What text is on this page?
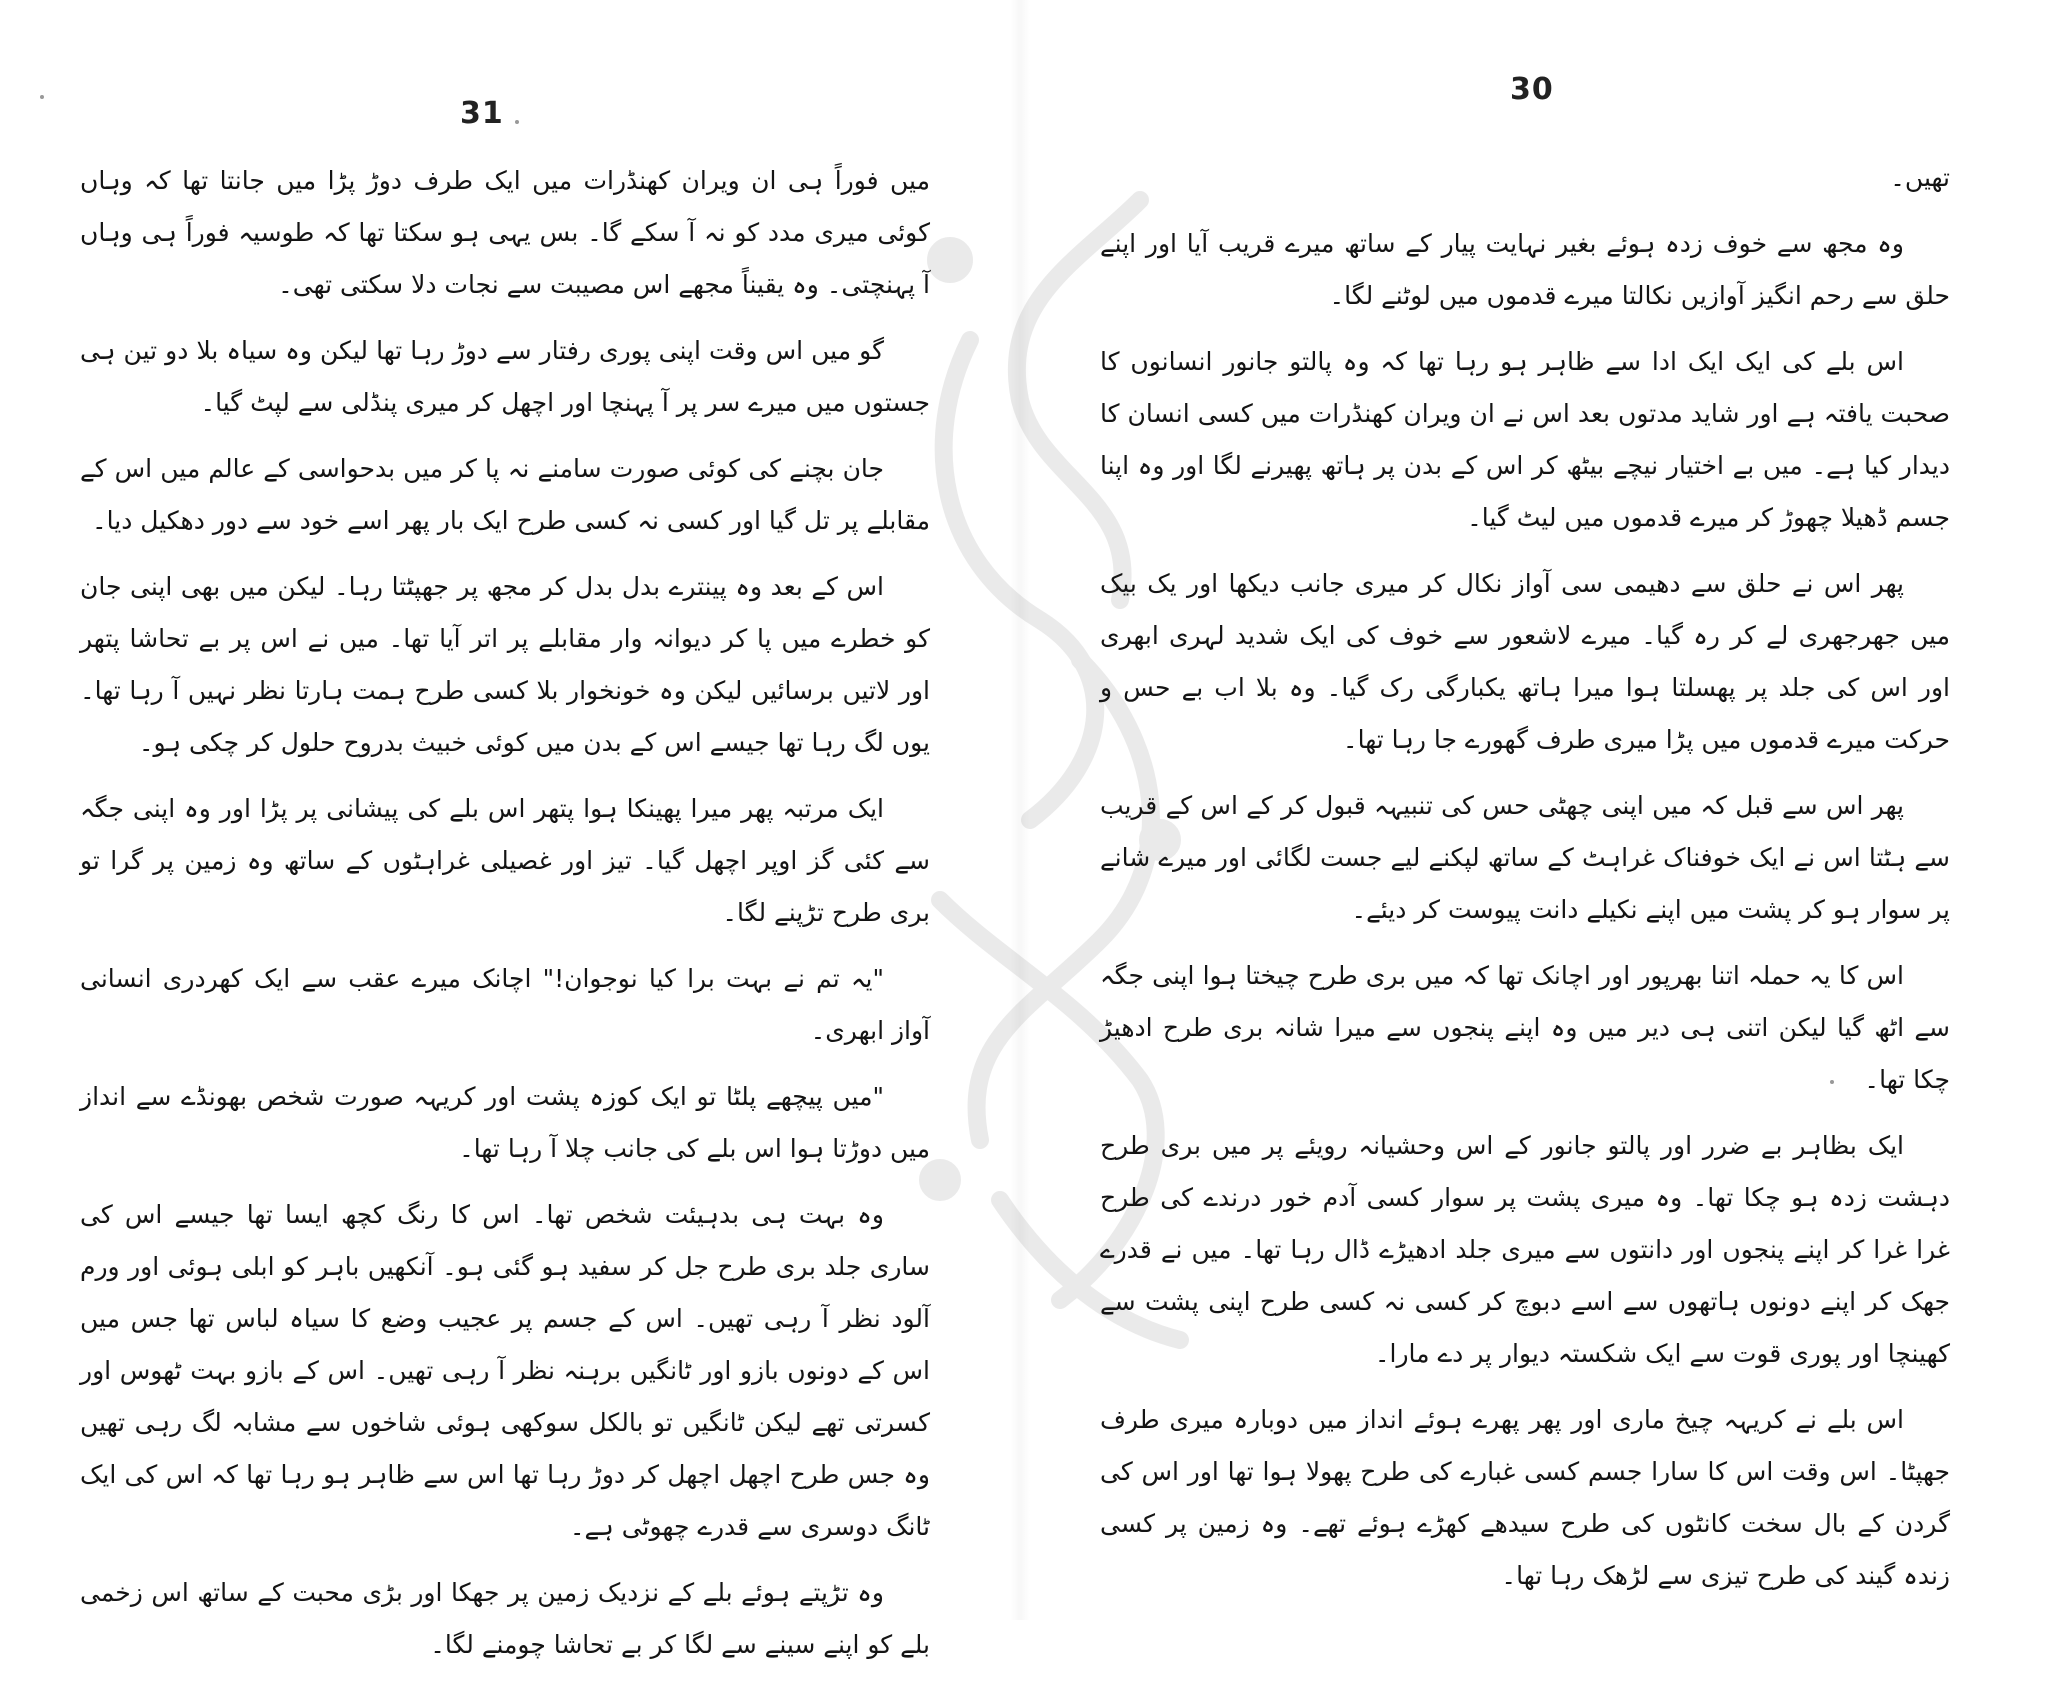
31

میں فوراً ہی ان ویران کھنڈرات میں ایک طرف دوڑ پڑا میں جانتا تھا کہ وہاں کوئی میری مدد کو نہ آ سکے گا۔ بس یہی ہو سکتا تھا کہ طوسیہ فوراً ہی وہاں آ پہنچتی۔ وہ یقیناً مجھے اس مصیبت سے نجات دلا سکتی تھی۔

گو میں اس وقت اپنی پوری رفتار سے دوڑ رہا تھا لیکن وہ سیاہ بلا دو تین ہی جستوں میں میرے سر پر آ پہنچا اور اچھل کر میری پنڈلی سے لپٹ گیا۔

جان بچنے کی کوئی صورت سامنے نہ پا کر میں بدحواسی کے عالم میں اس کے مقابلے پر تل گیا اور کسی نہ کسی طرح ایک بار پھر اسے خود سے دور دھکیل دیا۔

اس کے بعد وہ پینترے بدل بدل کر مجھ پر جھپٹتا رہا۔ لیکن میں بھی اپنی جان کو خطرے میں پا کر دیوانہ وار مقابلے پر اتر آیا تھا۔ میں نے اس پر بے تحاشا پتھر اور لاتیں برسائیں لیکن وہ خونخوار بلا کسی طرح ہمت ہارتا نظر نہیں آ رہا تھا۔ یوں لگ رہا تھا جیسے اس کے بدن میں کوئی خبیث بدروح حلول کر چکی ہو۔

ایک مرتبہ پھر میرا پھینکا ہوا پتھر اس بلے کی پیشانی پر پڑا اور وہ اپنی جگہ سے کئی گز اوپر اچھل گیا۔ تیز اور غصیلی غراہٹوں کے ساتھ وہ زمین پر گرا تو بری طرح تڑپنے لگا۔

"یہ تم نے بہت برا کیا نوجوان!" اچانک میرے عقب سے ایک کھردری انسانی آواز ابھری۔

"میں پیچھے پلٹا تو ایک کوزہ پشت اور کریہہ صورت شخص بھونڈے سے انداز میں دوڑتا ہوا اس بلے کی جانب چلا آ رہا تھا۔

وہ بہت ہی بدہیئت شخص تھا۔ اس کا رنگ کچھ ایسا تھا جیسے اس کی ساری جلد بری طرح جل کر سفید ہو گئی ہو۔ آنکھیں باہر کو ابلی ہوئی اور ورم آلود نظر آ رہی تھیں۔ اس کے جسم پر عجیب وضع کا سیاہ لباس تھا جس میں اس کے دونوں بازو اور ٹانگیں برہنہ نظر آ رہی تھیں۔ اس کے بازو بہت ٹھوس اور کسرتی تھے لیکن ٹانگیں تو بالکل سوکھی ہوئی شاخوں سے مشابہ لگ رہی تھیں وہ جس طرح اچھل اچھل کر دوڑ رہا تھا اس سے ظاہر ہو رہا تھا کہ اس کی ایک ٹانگ دوسری سے قدرے چھوٹی ہے۔

وہ تڑپتے ہوئے بلے کے نزدیک زمین پر جھکا اور بڑی محبت کے ساتھ اس زخمی بلے کو اپنے سینے سے لگا کر بے تحاشا چومنے لگا۔

30

تھیں۔

وہ مجھ سے خوف زدہ ہوئے بغیر نہایت پیار کے ساتھ میرے قریب آیا اور اپنے حلق سے رحم انگیز آوازیں نکالتا میرے قدموں میں لوٹنے لگا۔

اس بلے کی ایک ایک ادا سے ظاہر ہو رہا تھا کہ وہ پالتو جانور انسانوں کا صحبت یافتہ ہے اور شاید مدتوں بعد اس نے ان ویران کھنڈرات میں کسی انسان کا دیدار کیا ہے۔ میں بے اختیار نیچے بیٹھ کر اس کے بدن پر ہاتھ پھیرنے لگا اور وہ اپنا جسم ڈھیلا چھوڑ کر میرے قدموں میں لیٹ گیا۔

پھر اس نے حلق سے دھیمی سی آواز نکال کر میری جانب دیکھا اور یک بیک میں جھرجھری لے کر رہ گیا۔ میرے لاشعور سے خوف کی ایک شدید لہری ابھری اور اس کی جلد پر پھسلتا ہوا میرا ہاتھ یکبارگی رک گیا۔ وہ بلا اب بے حس و حرکت میرے قدموں میں پڑا میری طرف گھورے جا رہا تھا۔

پھر اس سے قبل کہ میں اپنی چھٹی حس کی تنبیہہ قبول کر کے اس کے قریب سے ہٹتا اس نے ایک خوفناک غراہٹ کے ساتھ لپکنے لیے جست لگائی اور میرے شانے پر سوار ہو کر پشت میں اپنے نکیلے دانت پیوست کر دیئے۔

اس کا یہ حملہ اتنا بھرپور اور اچانک تھا کہ میں بری طرح چیختا ہوا اپنی جگہ سے اٹھ گیا لیکن اتنی ہی دیر میں وہ اپنے پنجوں سے میرا شانہ بری طرح ادھیڑ چکا تھا۔

ایک بظاہر بے ضرر اور پالتو جانور کے اس وحشیانہ رویئے پر میں بری طرح دہشت زدہ ہو چکا تھا۔ وہ میری پشت پر سوار کسی آدم خور درندے کی طرح غرا غرا کر اپنے پنجوں اور دانتوں سے میری جلد ادھیڑے ڈال رہا تھا۔ میں نے قدرے جھک کر اپنے دونوں ہاتھوں سے اسے دبوچ کر کسی نہ کسی طرح اپنی پشت سے کھینچا اور پوری قوت سے ایک شکستہ دیوار پر دے مارا۔

اس بلے نے کریہہ چیخ ماری اور پھر پھرے ہوئے انداز میں دوبارہ میری طرف جھپٹا۔ اس وقت اس کا سارا جسم کسی غبارے کی طرح پھولا ہوا تھا اور اس کی گردن کے بال سخت کانٹوں کی طرح سیدھے کھڑے ہوئے تھے۔ وہ زمین پر کسی زندہ گیند کی طرح تیزی سے لڑھک رہا تھا۔
